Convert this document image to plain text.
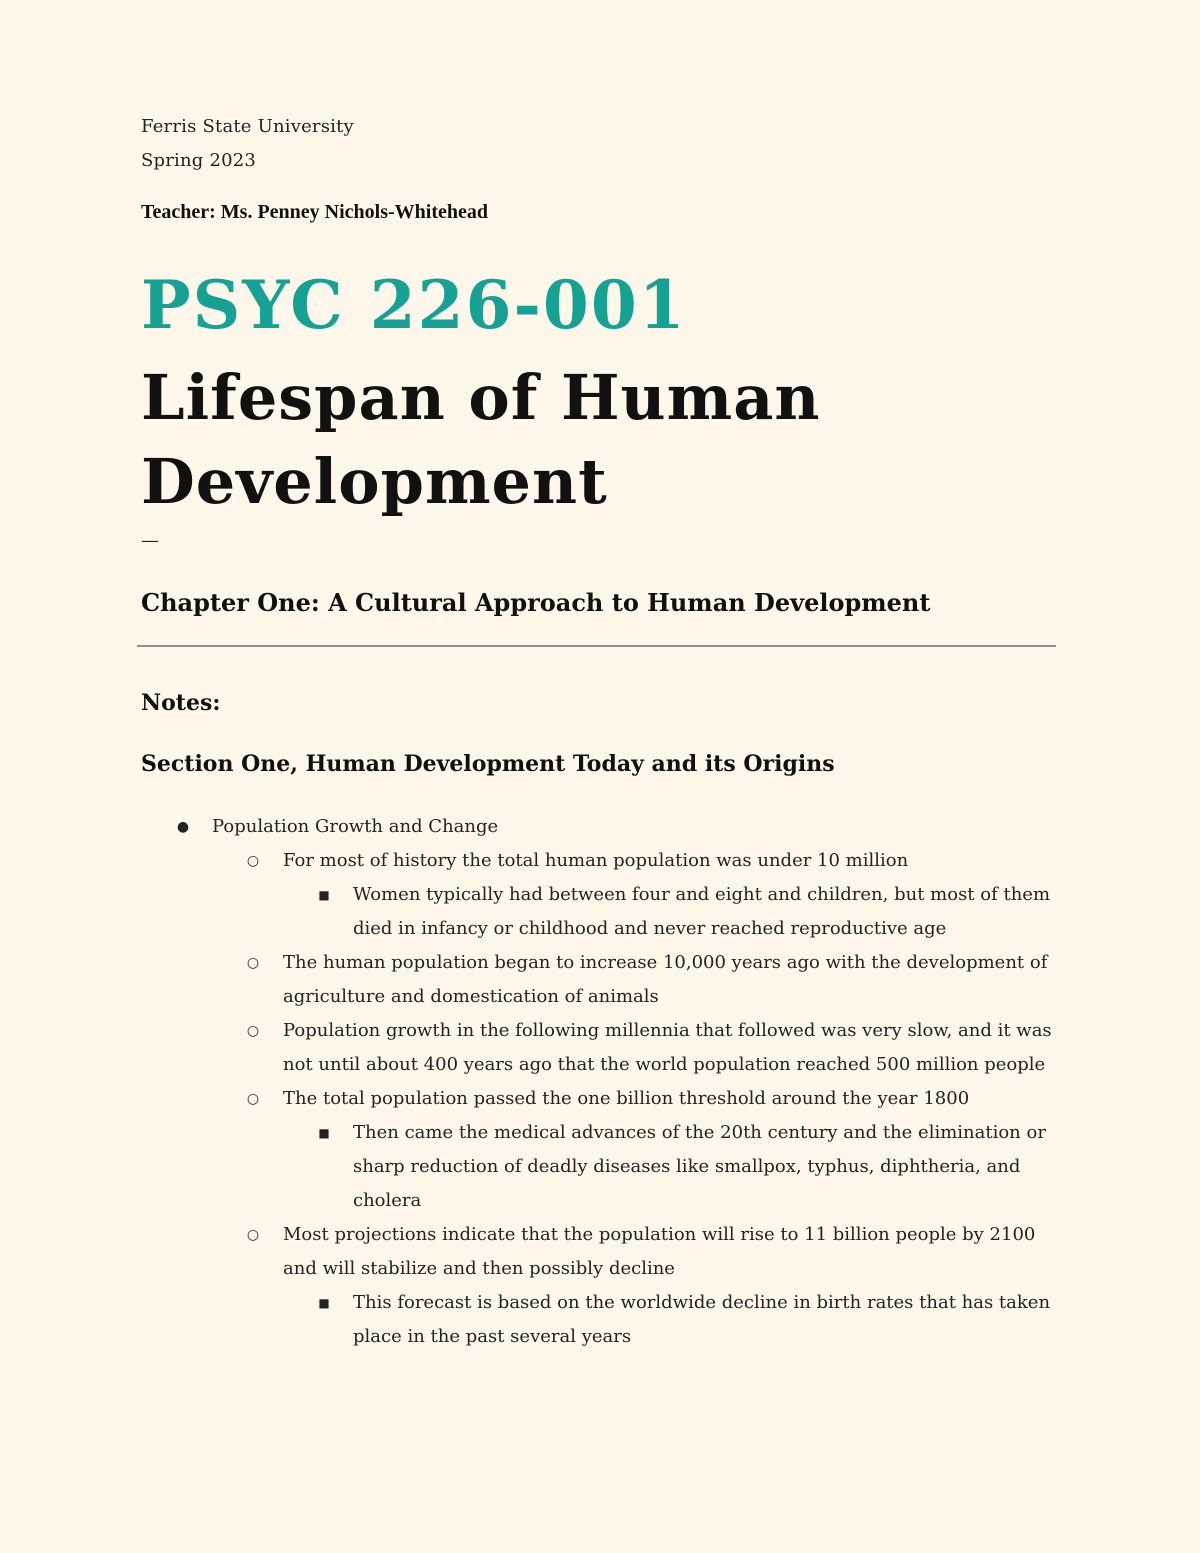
Ferris State University
Spring 2023
Teacher: Ms. Penney Nichols-Whitehead
PSYC 226-001
Lifespan of Human
Development
—
Chapter One: A Cultural Approach to Human Development
Notes:
Section One, Human Development Today and its Origins
● Population Growth and Change
○ For most of history the total human population was under 10 million
■ Women typically had between four and eight and children, but most of them died in infancy or childhood and never reached reproductive age
○ The human population began to increase 10,000 years ago with the development of agriculture and domestication of animals
○ Population growth in the following millennia that followed was very slow, and it was not until about 400 years ago that the world population reached 500 million people
○ The total population passed the one billion threshold around the year 1800
■ Then came the medical advances of the 20th century and the elimination or sharp reduction of deadly diseases like smallpox, typhus, diphtheria, and cholera
○ Most projections indicate that the population will rise to 11 billion people by 2100 and will stabilize and then possibly decline
■ This forecast is based on the worldwide decline in birth rates that has taken place in the past several years
